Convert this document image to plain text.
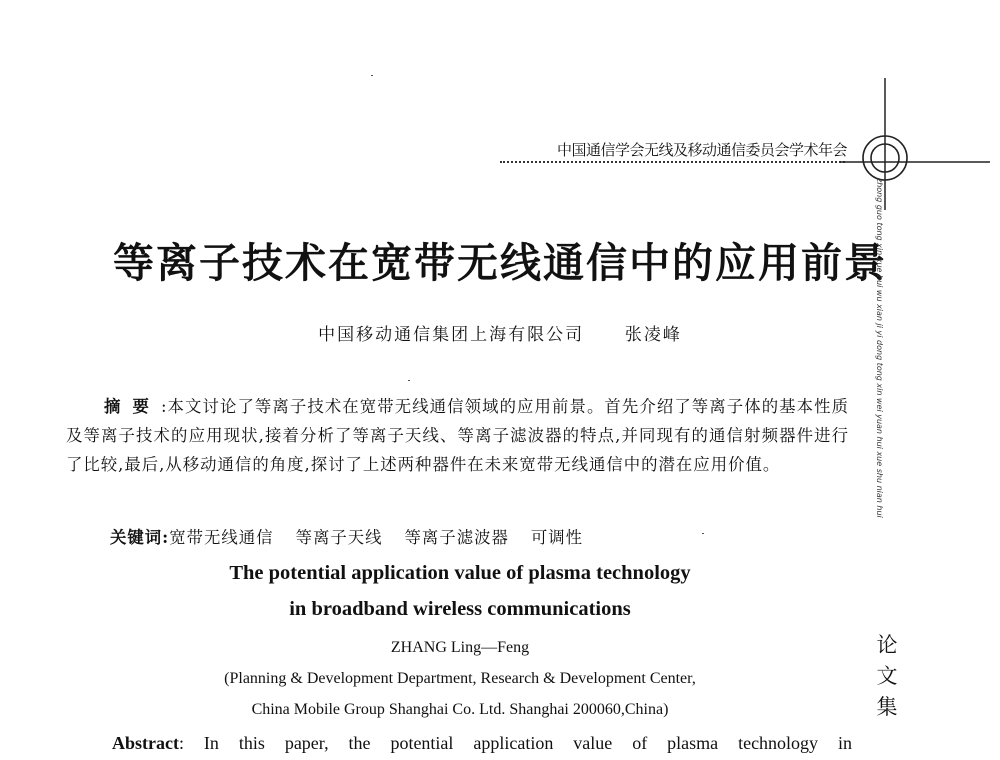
中国通信学会无线及移动通信委员会学术年会
等离子技术在宽带无线通信中的应用前景
中国移动通信集团上海有限公司 张凌峰
摘要:本文讨论了等离子技术在宽带无线通信领域的应用前景。首先介绍了等离子体的基本性质及等离子技术的应用现状,接着分析了等离子天线、等离子滤波器的特点,并同现有的通信射频器件进行了比较,最后,从移动通信的角度,探讨了上述两种器件在未来宽带无线通信中的潜在应用价值。
关键词:宽带无线通信 等离子天线 等离子滤波器 可调性
The potential application value of plasma technology
in broadband wireless communications
ZHANG Ling—Feng
(Planning & Development Department, Research & Development Center,
China Mobile Group Shanghai Co. Ltd. Shanghai 200060,China)
Abstract: In this paper, the potential application value of plasma technology in
zhong guo tong xin xue hui wu xian ji yi dong tong xin wei yuan hui xue shu nian hui
论文集
